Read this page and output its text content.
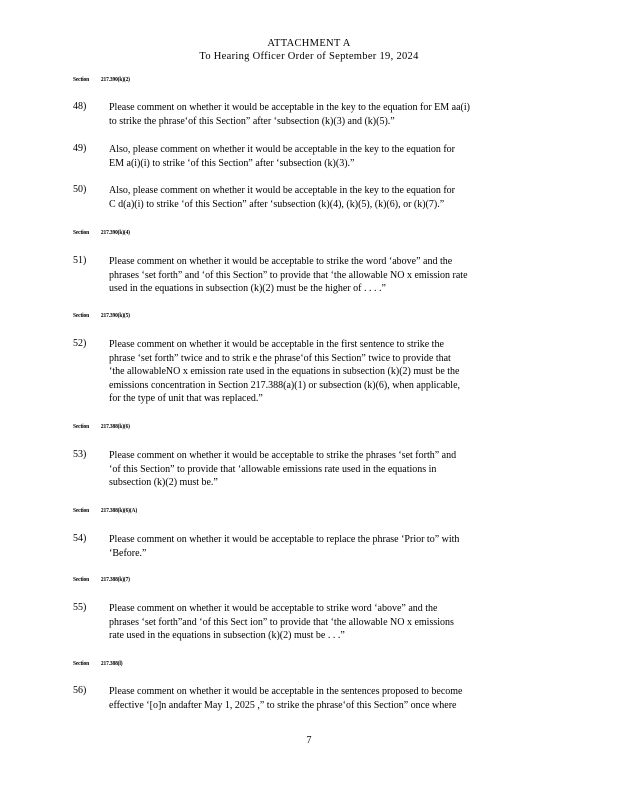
ATTACHMENT A
To Hearing Officer Order of September 19, 2024
Section 217.390(k)(2)
48) Please comment on whether it would be acceptable in the key to the equation for EM aa(i)
to strike the phrase‘of this Section” after ‘subsection (k)(3) and (k)(5).”
49) Also, please comment on whether it would be acceptable in the key to the equation for
EM a(i)(i) to strike ‘of this Section” after ‘subsection (k)(3).”
50) Also, please comment on whether it would be acceptable in the key to the equation for
C d(a)(i) to strike ‘of this Section” after ‘subsection (k)(4), (k)(5), (k)(6), or (k)(7).”
Section 217.390(k)(4)
51) Please comment on whether it would be acceptable to strike the word ‘above” and the
phrases ‘set forth” and ‘of this Section” to provide that ‘the allowable NO x emission rate
used in the equations in subsection (k)(2) must be the higher of . . . .”
Section 217.390(k)(5)
52) Please comment on whether it would be acceptable in the first sentence to strike the
phrase ‘set forth” twice and to strik e the phrase‘of this Section” twice to provide that
‘the allowableNO x emission rate used in the equations in subsection (k)(2) must be the
emissions concentration in Section 217.388(a)(1) or subsection (k)(6), when applicable,
for the type of unit that was replaced.”
Section 217.388(k)(6)
53) Please comment on whether it would be acceptable to strike the phrases ‘set forth” and
‘of this Section” to provide that ‘allowable emissions rate used in the equations in
subsection (k)(2) must be.”
Section 217.388(k)(6)(A)
54) Please comment on whether it would be acceptable to replace the phrase ‘Prior to” with
‘Before.”
Section 217.388(k)(7)
55) Please comment on whether it would be acceptable to strike word ‘above” and the
phrases ‘set forth”and ‘of this Sect ion” to provide that ‘the allowable NO x emissions
rate used in the equations in subsection (k)(2) must be . . .”
Section 217.388(l)
56) Please comment on whether it would be acceptable in the sentences proposed to become
effective ‘[o]n andafter May 1, 2025 ,” to strike the phrase‘of this Section” once where
7
